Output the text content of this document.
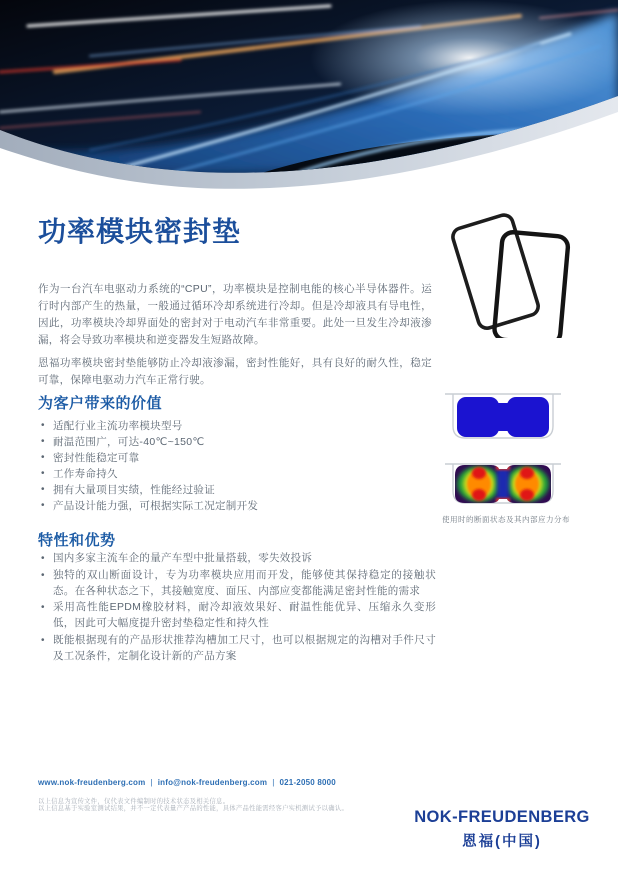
功率模块密封垫

作为一台汽车电驱动力系统的“CPU”，功率模块是控制电能的核心半导体器件。运行时内部产生的热量，一般通过循环冷却系统进行冷却。但是冷却液具有导电性，因此，功率模块冷却界面处的密封对于电动汽车非常重要。此处一旦发生冷却液渗漏，将会导致功率模块和逆变器发生短路故障。

恩福功率模块密封垫能够防止冷却液渗漏，密封性能好，具有良好的耐久性，稳定可靠，保障电驱动力汽车正常行驶。

为客户带来的价值
• 适配行业主流功率模块型号
• 耐温范围广，可达-40℃~150℃
• 密封性能稳定可靠
• 工作寿命持久
• 拥有大量项目实绩，性能经过验证
• 产品设计能力强，可根据实际工况定制开发
特性和优势
• 国内多家主流车企的量产车型中批量搭载，零失效投诉
• 独特的双山断面设计，专为功率模块应用而开发，能够使其保持稳定的接触状态。在各种状态之下，其接触宽度、面压、内部应变都能满足密封性能的需求
• 采用高性能EPDM橡胶材料，耐冷却液效果好、耐温性能优异、压缩永久变形低，因此可大幅度提升密封垫稳定性和持久性
• 既能根据现有的产品形状推荐沟槽加工尺寸，也可以根据规定的沟槽对手件尺寸及工况条件，定制化设计新的产品方案
使用时的断面状态及其内部应力分布
www.nok-freudenberg.com | info@nok-freudenberg.com | 021-2050 8000
以上信息为宣传文件，仅代表文件编制时的技术状态及相关信息。
以上信息基于实验室测试结果，并不一定代表量产产品的性能，具体产品性能需经客户实机测试予以确认。	NOK-FREUDENBERG
恩福(中国)
